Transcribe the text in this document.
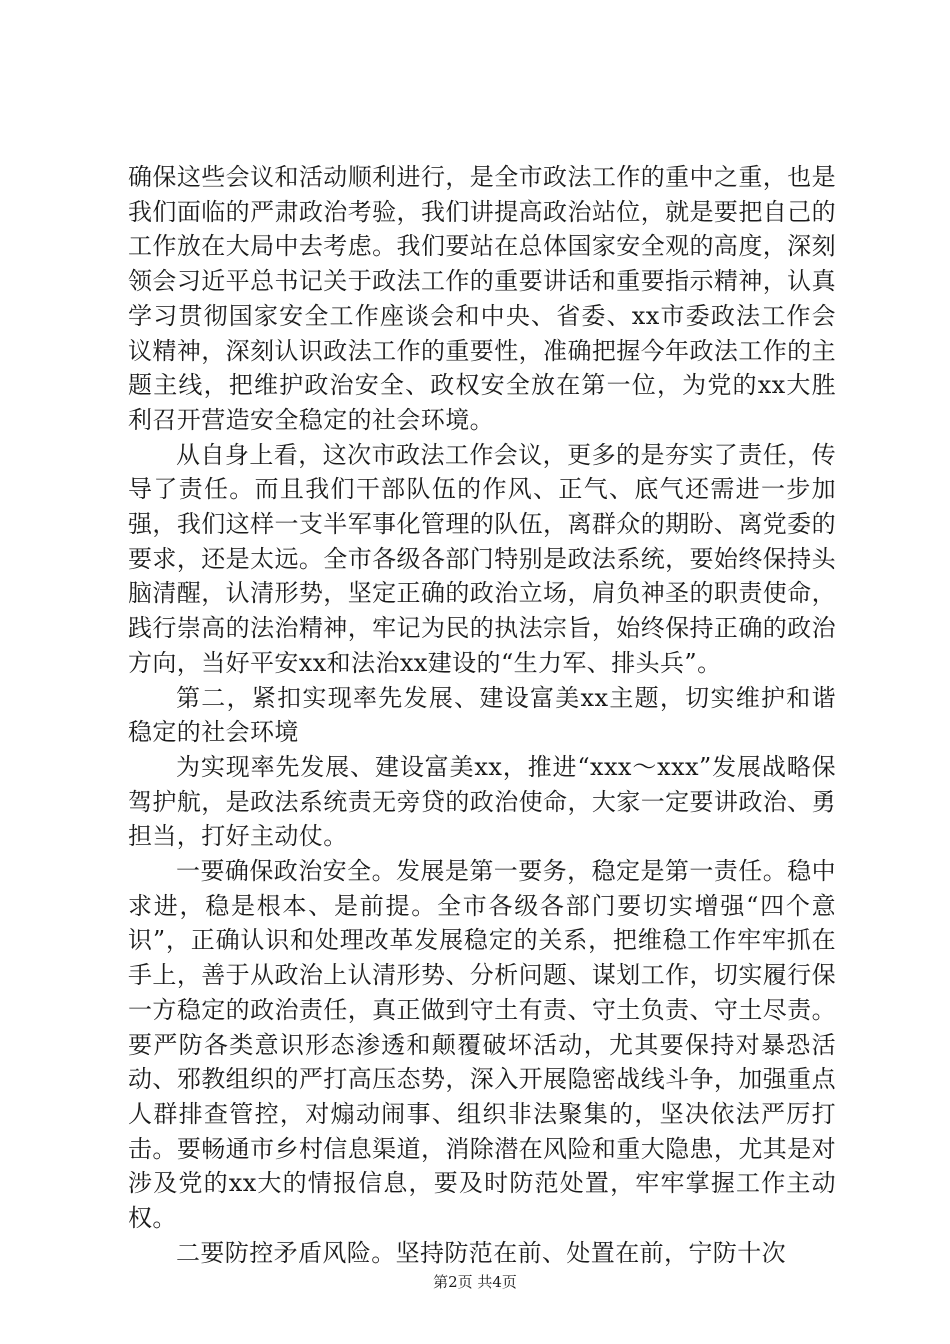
确保这些会议和活动顺利进行，是全市政法工作的重中之重，也是我们面临的严肃政治考验，我们讲提高政治站位，就是要把自己的工作放在大局中去考虑。我们要站在总体国家安全观的高度，深刻领会习近平总书记关于政法工作的重要讲话和重要指示精神，认真学习贯彻国家安全工作座谈会和中央、省委、xx市委政法工作会议精神，深刻认识政法工作的重要性，准确把握今年政法工作的主题主线，把维护政治安全、政权安全放在第一位，为党的xx大胜利召开营造安全稳定的社会环境。

从自身上看，这次市政法工作会议，更多的是夯实了责任，传导了责任。而且我们干部队伍的作风、正气、底气还需进一步加强，我们这样一支半军事化管理的队伍，离群众的期盼、离党委的要求，还是太远。全市各级各部门特别是政法系统，要始终保持头脑清醒，认清形势，坚定正确的政治立场，肩负神圣的职责使命，践行崇高的法治精神，牢记为民的执法宗旨，始终保持正确的政治方向，当好平安xx和法治xx建设的“生力军、排头兵”。

第二，紧扣实现率先发展、建设富美xx主题，切实维护和谐稳定的社会环境

为实现率先发展、建设富美xx，推进“xxx～xxx”发展战略保驾护航，是政法系统责无旁贷的政治使命，大家一定要讲政治、勇担当，打好主动仗。

一要确保政治安全。发展是第一要务，稳定是第一责任。稳中求进，稳是根本、是前提。全市各级各部门要切实增强“四个意识”，正确认识和处理改革发展稳定的关系，把维稳工作牢牢抓在手上，善于从政治上认清形势、分析问题、谋划工作，切实履行保一方稳定的政治责任，真正做到守土有责、守土负责、守土尽责。要严防各类意识形态渗透和颠覆破坏活动，尤其要保持对暴恐活动、邪教组织的严打高压态势，深入开展隐密战线斗争，加强重点人群排查管控，对煽动闹事、组织非法聚集的，坚决依法严厉打击。要畅通市乡村信息渠道，消除潜在风险和重大隐患，尤其是对涉及党的xx大的情报信息，要及时防范处置，牢牢掌握工作主动权。

二要防控矛盾风险。坚持防范在前、处置在前，宁防十次

第2页 共4页
